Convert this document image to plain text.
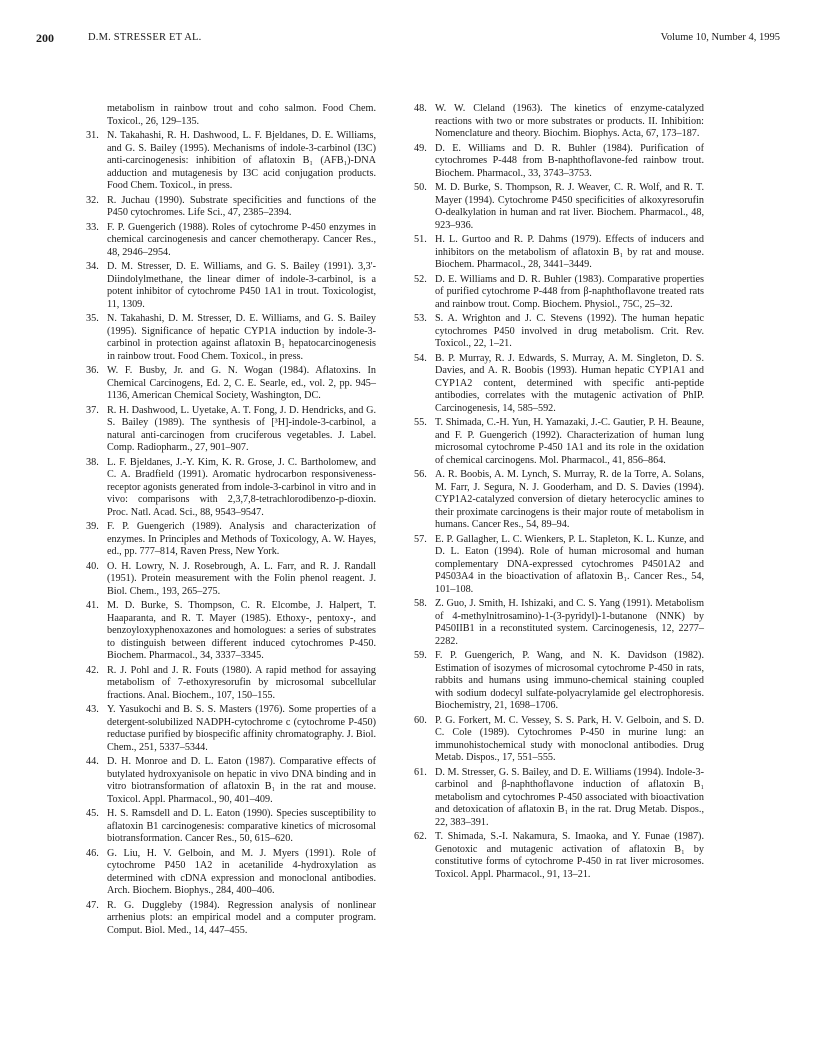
200	D.M. STRESSER ET AL.	Volume 10, Number 4, 1995
metabolism in rainbow trout and coho salmon. Food Chem. Toxicol., 26, 129–135.
31. N. Takahashi, R. H. Dashwood, L. F. Bjeldanes, D. E. Williams, and G. S. Bailey (1995). Mechanisms of indole-3-carbinol (I3C) anti-carcinogenesis: inhibition of aflatoxin B₁ (AFB₁)-DNA adduction and mutagenesis by I3C acid conjugation products. Food Chem. Toxicol., in press.
32. R. Juchau (1990). Substrate specificities and functions of the P450 cytochromes. Life Sci., 47, 2385–2394.
33. F. P. Guengerich (1988). Roles of cytochrome P-450 enzymes in chemical carcinogenesis and cancer chemotherapy. Cancer Res., 48, 2946–2954.
34. D. M. Stresser, D. E. Williams, and G. S. Bailey (1991). 3,3'-Diindolylmethane, the linear dimer of indole-3-carbinol, is a potent inhibitor of cytochrome P450 1A1 in trout. Toxicologist, 11, 1309.
35. N. Takahashi, D. M. Stresser, D. E. Williams, and G. S. Bailey (1995). Significance of hepatic CYP1A induction by indole-3-carbinol in protection against aflatoxin B₁ hepatocarcinogenesis in rainbow trout. Food Chem. Toxicol., in press.
36. W. F. Busby, Jr. and G. N. Wogan (1984). Aflatoxins. In Chemical Carcinogens, Ed. 2, C. E. Searle, ed., vol. 2, pp. 945–1136, American Chemical Society, Washington, DC.
37. R. H. Dashwood, L. Uyetake, A. T. Fong, J. D. Hendricks, and G. S. Bailey (1989). The synthesis of [³H]-indole-3-carbinol, a natural anti-carcinogen from cruciferous vegetables. J. Label. Comp. Radiopharm., 27, 901–907.
38. L. F. Bjeldanes, J.-Y. Kim, K. R. Grose, J. C. Bartholomew, and C. A. Bradfield (1991). Aromatic hydrocarbon responsiveness-receptor agonists generated from indole-3-carbinol in vitro and in vivo: comparisons with 2,3,7,8-tetrachlorodibenzo-p-dioxin. Proc. Natl. Acad. Sci., 88, 9543–9547.
39. F. P. Guengerich (1989). Analysis and characterization of enzymes. In Principles and Methods of Toxicology, A. W. Hayes, ed., pp. 777–814, Raven Press, New York.
40. O. H. Lowry, N. J. Rosebrough, A. L. Farr, and R. J. Randall (1951). Protein measurement with the Folin phenol reagent. J. Biol. Chem., 193, 265–275.
41. M. D. Burke, S. Thompson, C. R. Elcombe, J. Halpert, T. Haaparanta, and R. T. Mayer (1985). Ethoxy-, pentoxy-, and benzoyloxyphenoxazones and homologues: a series of substrates to distinguish between different induced cytochromes P-450. Biochem. Pharmacol., 34, 3337–3345.
42. R. J. Pohl and J. R. Fouts (1980). A rapid method for assaying metabolism of 7-ethoxyresorufin by microsomal subcellular fractions. Anal. Biochem., 107, 150–155.
43. Y. Yasukochi and B. S. S. Masters (1976). Some properties of a detergent-solubilized NADPH-cytochrome c (cytochrome P-450) reductase purified by biospecific affinity chromatography. J. Biol. Chem., 251, 5337–5344.
44. D. H. Monroe and D. L. Eaton (1987). Comparative effects of butylated hydroxyanisole on hepatic in vivo DNA binding and in vitro biotransformation of aflatoxin B₁ in the rat and mouse. Toxicol. Appl. Pharmacol., 90, 401–409.
45. H. S. Ramsdell and D. L. Eaton (1990). Species susceptibility to aflatoxin B1 carcinogenesis: comparative kinetics of microsomal biotransformation. Cancer Res., 50, 615–620.
46. G. Liu, H. V. Gelboin, and M. J. Myers (1991). Role of cytochrome P450 1A2 in acetanilide 4-hydroxylation as determined with cDNA expression and monoclonal antibodies. Arch. Biochem. Biophys., 284, 400–406.
47. R. G. Duggleby (1984). Regression analysis of nonlinear arrhenius plots: an empirical model and a computer program. Comput. Biol. Med., 14, 447–455.
48. W. W. Cleland (1963). The kinetics of enzyme-catalyzed reactions with two or more substrates or products. II. Inhibition: Nomenclature and theory. Biochim. Biophys. Acta, 67, 173–187.
49. D. E. Williams and D. R. Buhler (1984). Purification of cytochromes P-448 from B-naphthoflavone-fed rainbow trout. Biochem. Pharmacol., 33, 3743–3753.
50. M. D. Burke, S. Thompson, R. J. Weaver, C. R. Wolf, and R. T. Mayer (1994). Cytochrome P450 specificities of alkoxyresorufin O-dealkylation in human and rat liver. Biochem. Pharmacol., 48, 923–936.
51. H. L. Gurtoo and R. P. Dahms (1979). Effects of inducers and inhibitors on the metabolism of aflatoxin B₁ by rat and mouse. Biochem. Pharmacol., 28, 3441–3449.
52. D. E. Williams and D. R. Buhler (1983). Comparative properties of purified cytochrome P-448 from β-naphthoflavone treated rats and rainbow trout. Comp. Biochem. Physiol., 75C, 25–32.
53. S. A. Wrighton and J. C. Stevens (1992). The human hepatic cytochromes P450 involved in drug metabolism. Crit. Rev. Toxicol., 22, 1–21.
54. B. P. Murray, R. J. Edwards, S. Murray, A. M. Singleton, D. S. Davies, and A. R. Boobis (1993). Human hepatic CYP1A1 and CYP1A2 content, determined with specific anti-peptide antibodies, correlates with the mutagenic activation of PhIP. Carcinogenesis, 14, 585–592.
55. T. Shimada, C.-H. Yun, H. Yamazaki, J.-C. Gautier, P. H. Beaune, and F. P. Guengerich (1992). Characterization of human lung microsomal cytochrome P-450 1A1 and its role in the oxidation of chemical carcinogens. Mol. Pharmacol., 41, 856–864.
56. A. R. Boobis, A. M. Lynch, S. Murray, R. de la Torre, A. Solans, M. Farr, J. Segura, N. J. Gooderham, and D. S. Davies (1994). CYP1A2-catalyzed conversion of dietary heterocyclic amines to their proximate carcinogens is their major route of metabolism in humans. Cancer Res., 54, 89–94.
57. E. P. Gallagher, L. C. Wienkers, P. L. Stapleton, K. L. Kunze, and D. L. Eaton (1994). Role of human microsomal and human complementary DNA-expressed cytochromes P4501A2 and P4503A4 in the bioactivation of aflatoxin B₁. Cancer Res., 54, 101–108.
58. Z. Guo, J. Smith, H. Ishizaki, and C. S. Yang (1991). Metabolism of 4-methylnitrosamino)-1-(3-pyridyl)-1-butanone (NNK) by P450IIB1 in a reconstituted system. Carcinogenesis, 12, 2277–2282.
59. F. P. Guengerich, P. Wang, and N. K. Davidson (1982). Estimation of isozymes of microsomal cytochrome P-450 in rats, rabbits and humans using immuno-chemical staining coupled with sodium dodecyl sulfate-polyacrylamide gel electrophoresis. Biochemistry, 21, 1698–1706.
60. P. G. Forkert, M. C. Vessey, S. S. Park, H. V. Gelboin, and S. D. C. Cole (1989). Cytochromes P-450 in murine lung: an immunohistochemical study with monoclonal antibodies. Drug Metab. Dispos., 17, 551–555.
61. D. M. Stresser, G. S. Bailey, and D. E. Williams (1994). Indole-3-carbinol and β-naphthoflavone induction of aflatoxin B₁ metabolism and cytochromes P-450 associated with bioactivation and detoxication of aflatoxin B₁ in the rat. Drug Metab. Dispos., 22, 383–391.
62. T. Shimada, S.-I. Nakamura, S. Imaoka, and Y. Funae (1987). Genotoxic and mutagenic activation of aflatoxin B₁ by constitutive forms of cytochrome P-450 in rat liver microsomes. Toxicol. Appl. Pharmacol., 91, 13–21.
